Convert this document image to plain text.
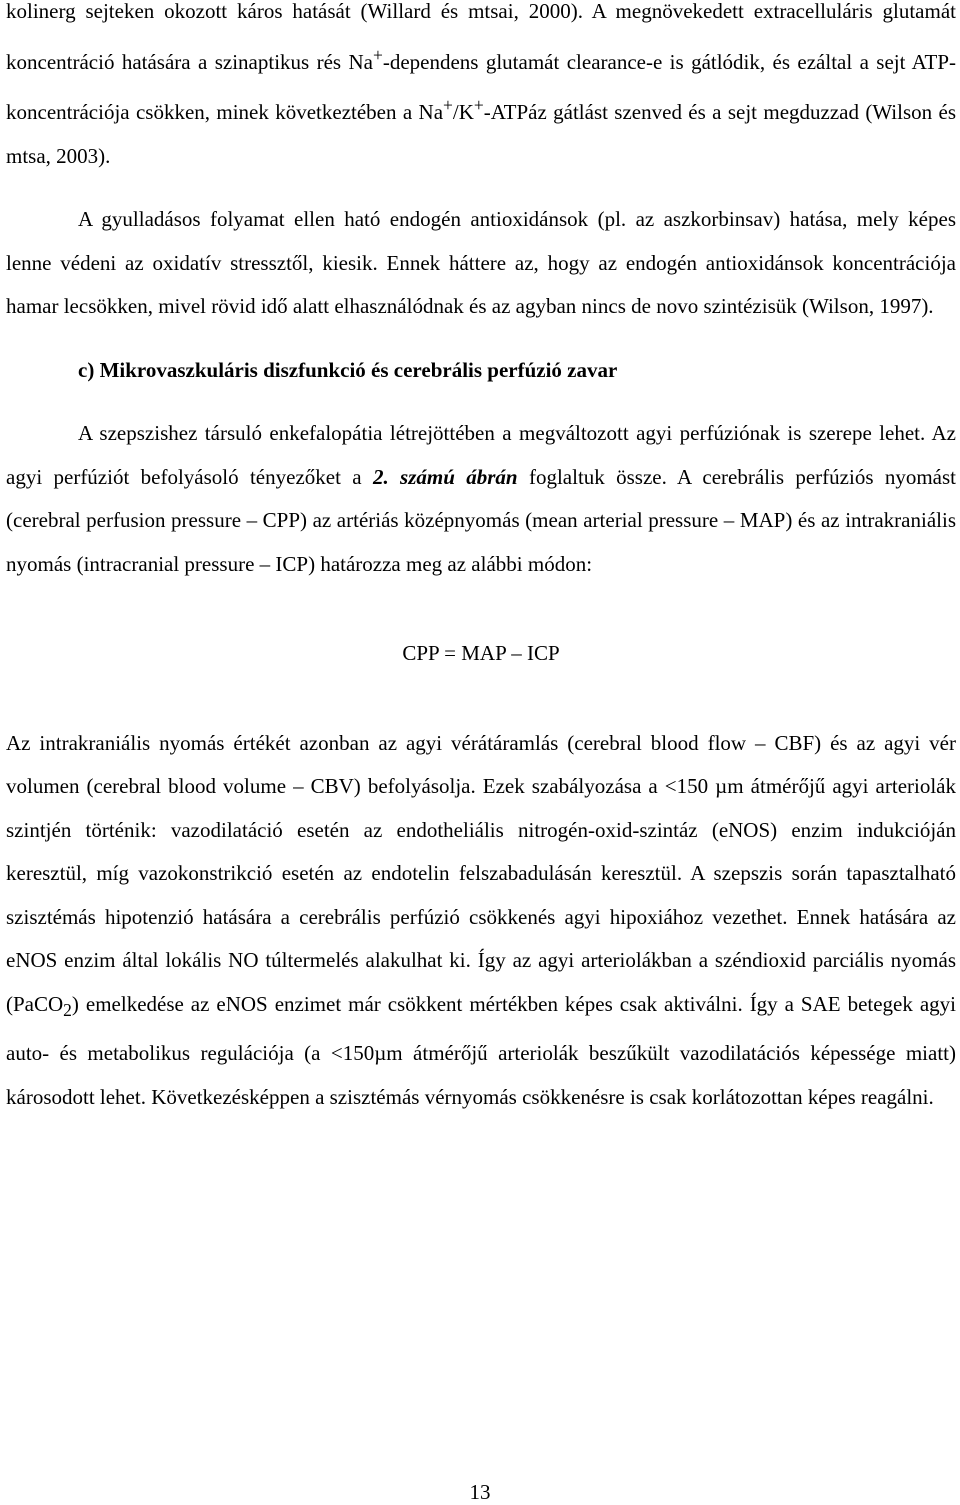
kolinerg sejteken okozott káros hatását (Willard és mtsai, 2000). A megnövekedett extracelluláris glutamát koncentráció hatására a szinaptikus rés Na+-dependens glutamát clearance-e is gátlódik, és ezáltal a sejt ATP-koncentrációja csökken, minek következtében a Na+/K+-ATPáz gátlást szenved és a sejt megduzzad (Wilson és mtsa, 2003).

A gyulladásos folyamat ellen ható endogén antioxidánsok (pl. az aszkorbinsav) hatása, mely képes lenne védeni az oxidatív stressztől, kiesik. Ennek háttere az, hogy az endogén antioxidánsok koncentrációja hamar lecsökken, mivel rövid idő alatt elhasználódnak és az agyban nincs de novo szintézisük (Wilson, 1997).

c) Mikrovaszkuláris diszfunkció és cerebrális perfúzió zavar

A szepszishez társuló enkefalopátia létrejöttében a megváltozott agyi perfúziónak is szerepe lehet. Az agyi perfúziót befolyásoló tényezőket a 2. számú ábrán foglaltuk össze. A cerebrális perfúziós nyomást (cerebral perfusion pressure – CPP) az artériás középnyomás (mean arterial pressure – MAP) és az intrakraniális nyomás (intracranial pressure – ICP) határozza meg az alábbi módon:

CPP = MAP – ICP

Az intrakraniális nyomás értékét azonban az agyi vérátáramlás (cerebral blood flow – CBF) és az agyi vér volumen (cerebral blood volume – CBV) befolyásolja. Ezek szabályozása a <150 µm átmérőjű agyi arteriolák szintjén történik: vazodilatáció esetén az endotheliális nitrogén-oxid-szintáz (eNOS) enzim indukcióján keresztül, míg vazokonstrikció esetén az endotelin felszabadulásán keresztül. A szepszis során tapasztalható szisztémás hipotenzió hatására a cerebrális perfúzió csökkenés agyi hipoxiához vezethet. Ennek hatására az eNOS enzim által lokális NO túltermelés alakulhat ki. Így az agyi arteriolákban a széndioxid parciális nyomás (PaCO$_2$) emelkedése az eNOS enzimet már csökkent mértékben képes csak aktiválni. Így a SAE betegek agyi auto- és metabolikus regulációja (a <150µm átmérőjű arteriolák beszűkült vazodilatációs képessége miatt) károsodott lehet. Következésképpen a szisztémás vérnyomás csökkenésre is csak korlátozottan képes reagálni.

13
